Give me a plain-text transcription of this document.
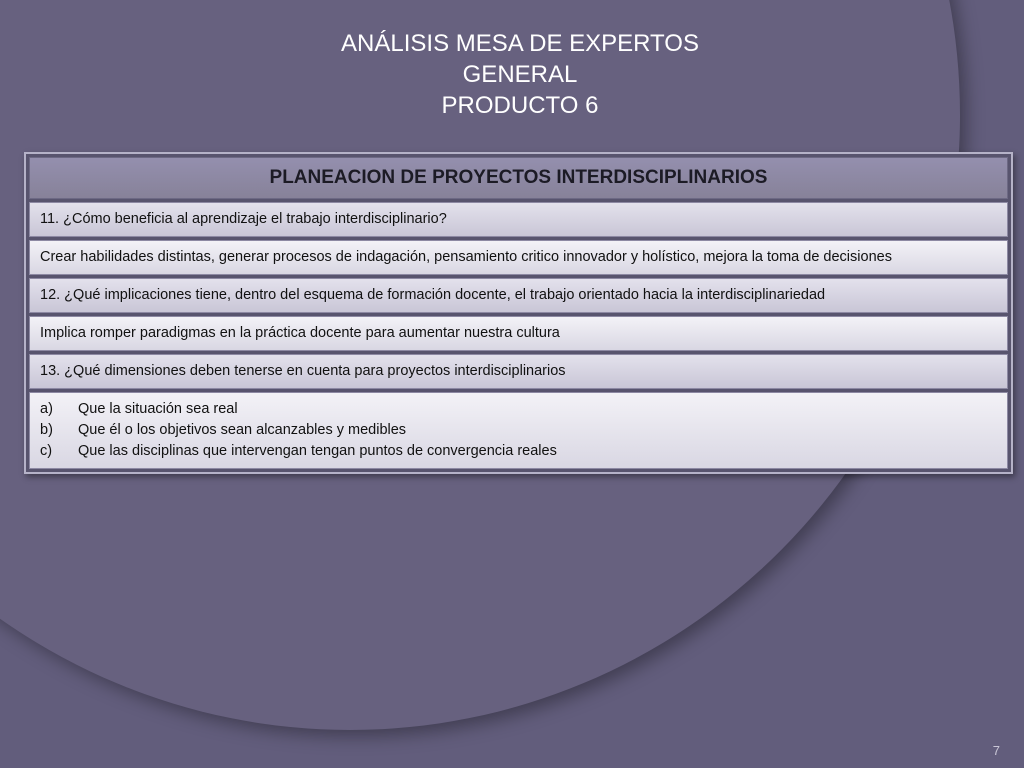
ANÁLISIS MESA DE EXPERTOS
GENERAL
PRODUCTO 6
PLANEACION DE PROYECTOS INTERDISCIPLINARIOS
11. ¿Cómo beneficia al aprendizaje el trabajo interdisciplinario?
Crear habilidades distintas, generar procesos de indagación, pensamiento critico innovador y holístico, mejora la toma de decisiones
12. ¿Qué implicaciones tiene, dentro del esquema de formación docente, el trabajo orientado hacia la interdisciplinariedad
Implica romper paradigmas en la práctica docente para aumentar nuestra cultura
13. ¿Qué dimensiones deben tenerse en cuenta para proyectos interdisciplinarios
a)	Que la situación sea real
b)	Que él o los objetivos sean alcanzables y medibles
c)	Que las disciplinas que intervengan tengan puntos de convergencia reales
7
